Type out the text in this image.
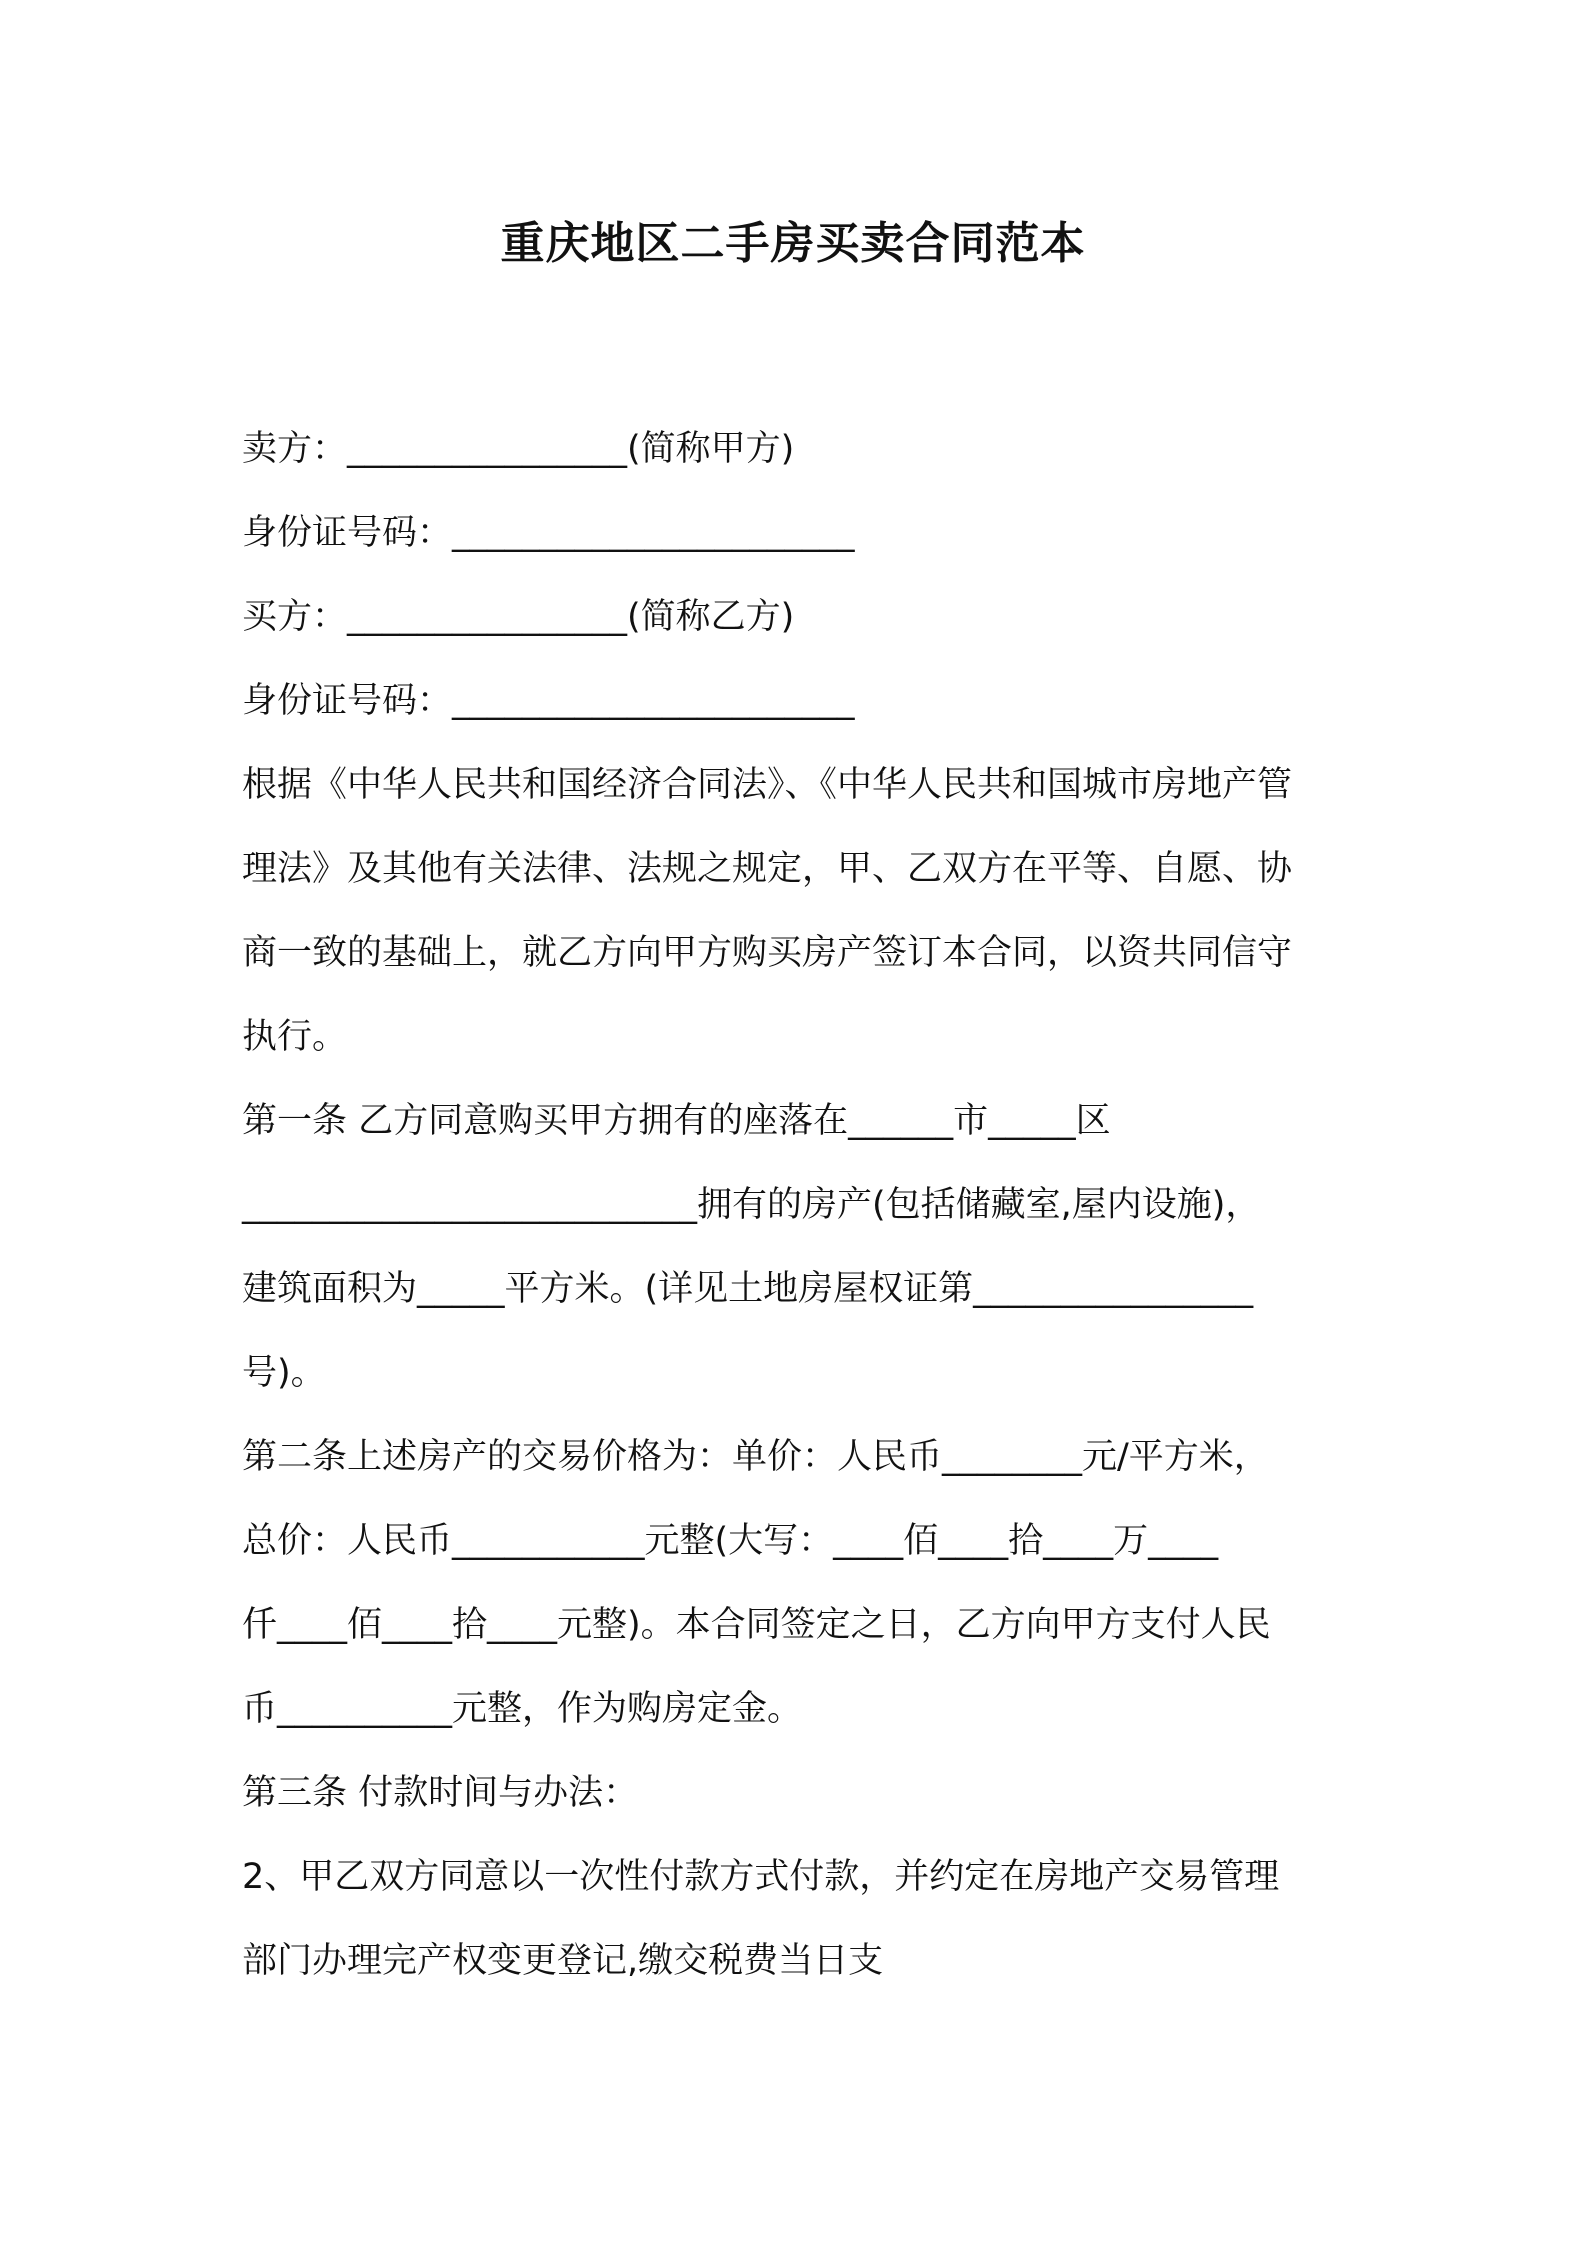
重庆地区二手房买卖合同范本
卖方：________________(简称甲方)
身份证号码：_______________________
买方：________________(简称乙方)
身份证号码：_______________________
根据《中华人民共和国经济合同法》、《中华人民共和国城市房地产管
理法》及其他有关法律、法规之规定，甲、乙双方在平等、自愿、协
商一致的基础上，就乙方向甲方购买房产签订本合同，以资共同信守
执行。
第一条 乙方同意购买甲方拥有的座落在______市_____区
__________________________拥有的房产(包括储藏室,屋内设施)，
建筑面积为_____平方米。(详见土地房屋权证第________________
号)。
第二条上述房产的交易价格为：单价：人民币________元/平方米，
总价：人民币___________元整(大写：____佰____拾____万____
仟____佰____拾____元整)。本合同签定之日，乙方向甲方支付人民
币__________元整，作为购房定金。
第三条 付款时间与办法：
2、甲乙双方同意以一次性付款方式付款，并约定在房地产交易管理
部门办理完产权变更登记,缴交税费当日支
